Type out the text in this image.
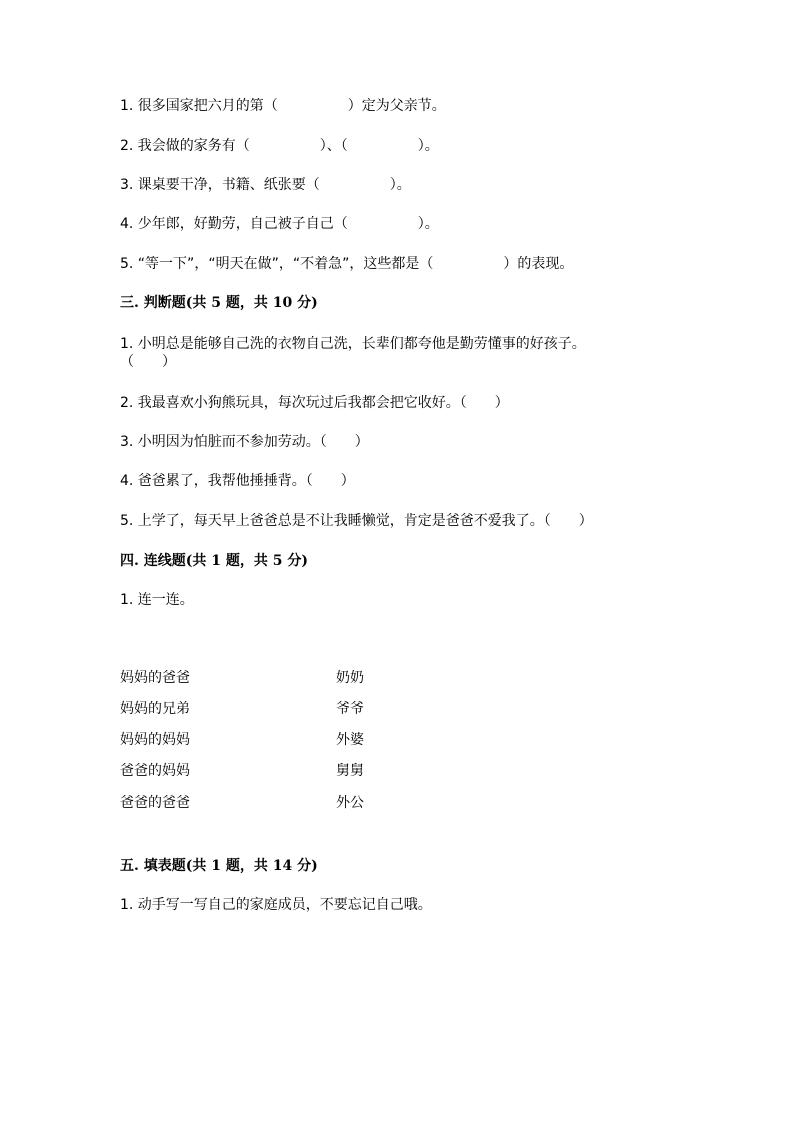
1. 很多国家把六月的第（　　　　　）定为父亲节。
2. 我会做的家务有（　　　　　）、（　　　　　）。
3. 课桌要干净，书籍、纸张要（　　　　　）。
4. 少年郎，好勤劳，自己被子自己（　　　　　）。
5. “等一下”，“明天在做”，“不着急”，这些都是（　　　　　）的表现。
三. 判断题(共 5 题，共 10 分)
1. 小明总是能够自己洗的衣物自己洗，长辈们都夸他是勤劳懂事的好孩子。
（　　）
2. 我最喜欢小狗熊玩具，每次玩过后我都会把它收好。（　　）
3. 小明因为怕脏而不参加劳动。（　　）
4. 爸爸累了，我帮他捶捶背。（　　）
5. 上学了，每天早上爸爸总是不让我睡懒觉，肯定是爸爸不爱我了。（　　）
四. 连线题(共 1 题，共 5 分)
1. 连一连。
妈妈的爸爸
妈妈的兄弟
妈妈的妈妈
爸爸的妈妈
爸爸的爸爸
奶奶
爷爷
外婆
舅舅
外公
五. 填表题(共 1 题，共 14 分)
1. 动手写一写自己的家庭成员，不要忘记自己哦。
